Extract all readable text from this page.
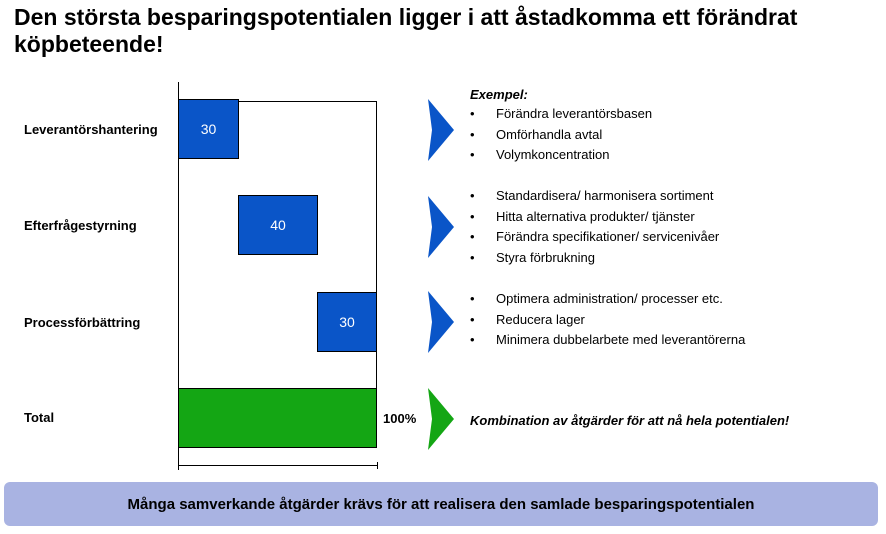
Den största besparingspotentialen ligger i att åstadkomma ett förändrat köpbeteende!
Leverantörshantering
Efterfrågestyrning
Processförbättring
Total
30
40
30
100%
Exempel:
• Förändra leverantörsbasen
• Omförhandla avtal
• Volymkoncentration
• Standardisera/ harmonisera sortiment
• Hitta alternativa produkter/ tjänster
• Förändra specifikationer/ servicenivåer
• Styra förbrukning
• Optimera administration/ processer etc.
• Reducera lager
• Minimera dubbelarbete med leverantörerna
Kombination av åtgärder för att nå hela potentialen!
Många samverkande åtgärder krävs för att realisera den samlade besparingspotentialen
